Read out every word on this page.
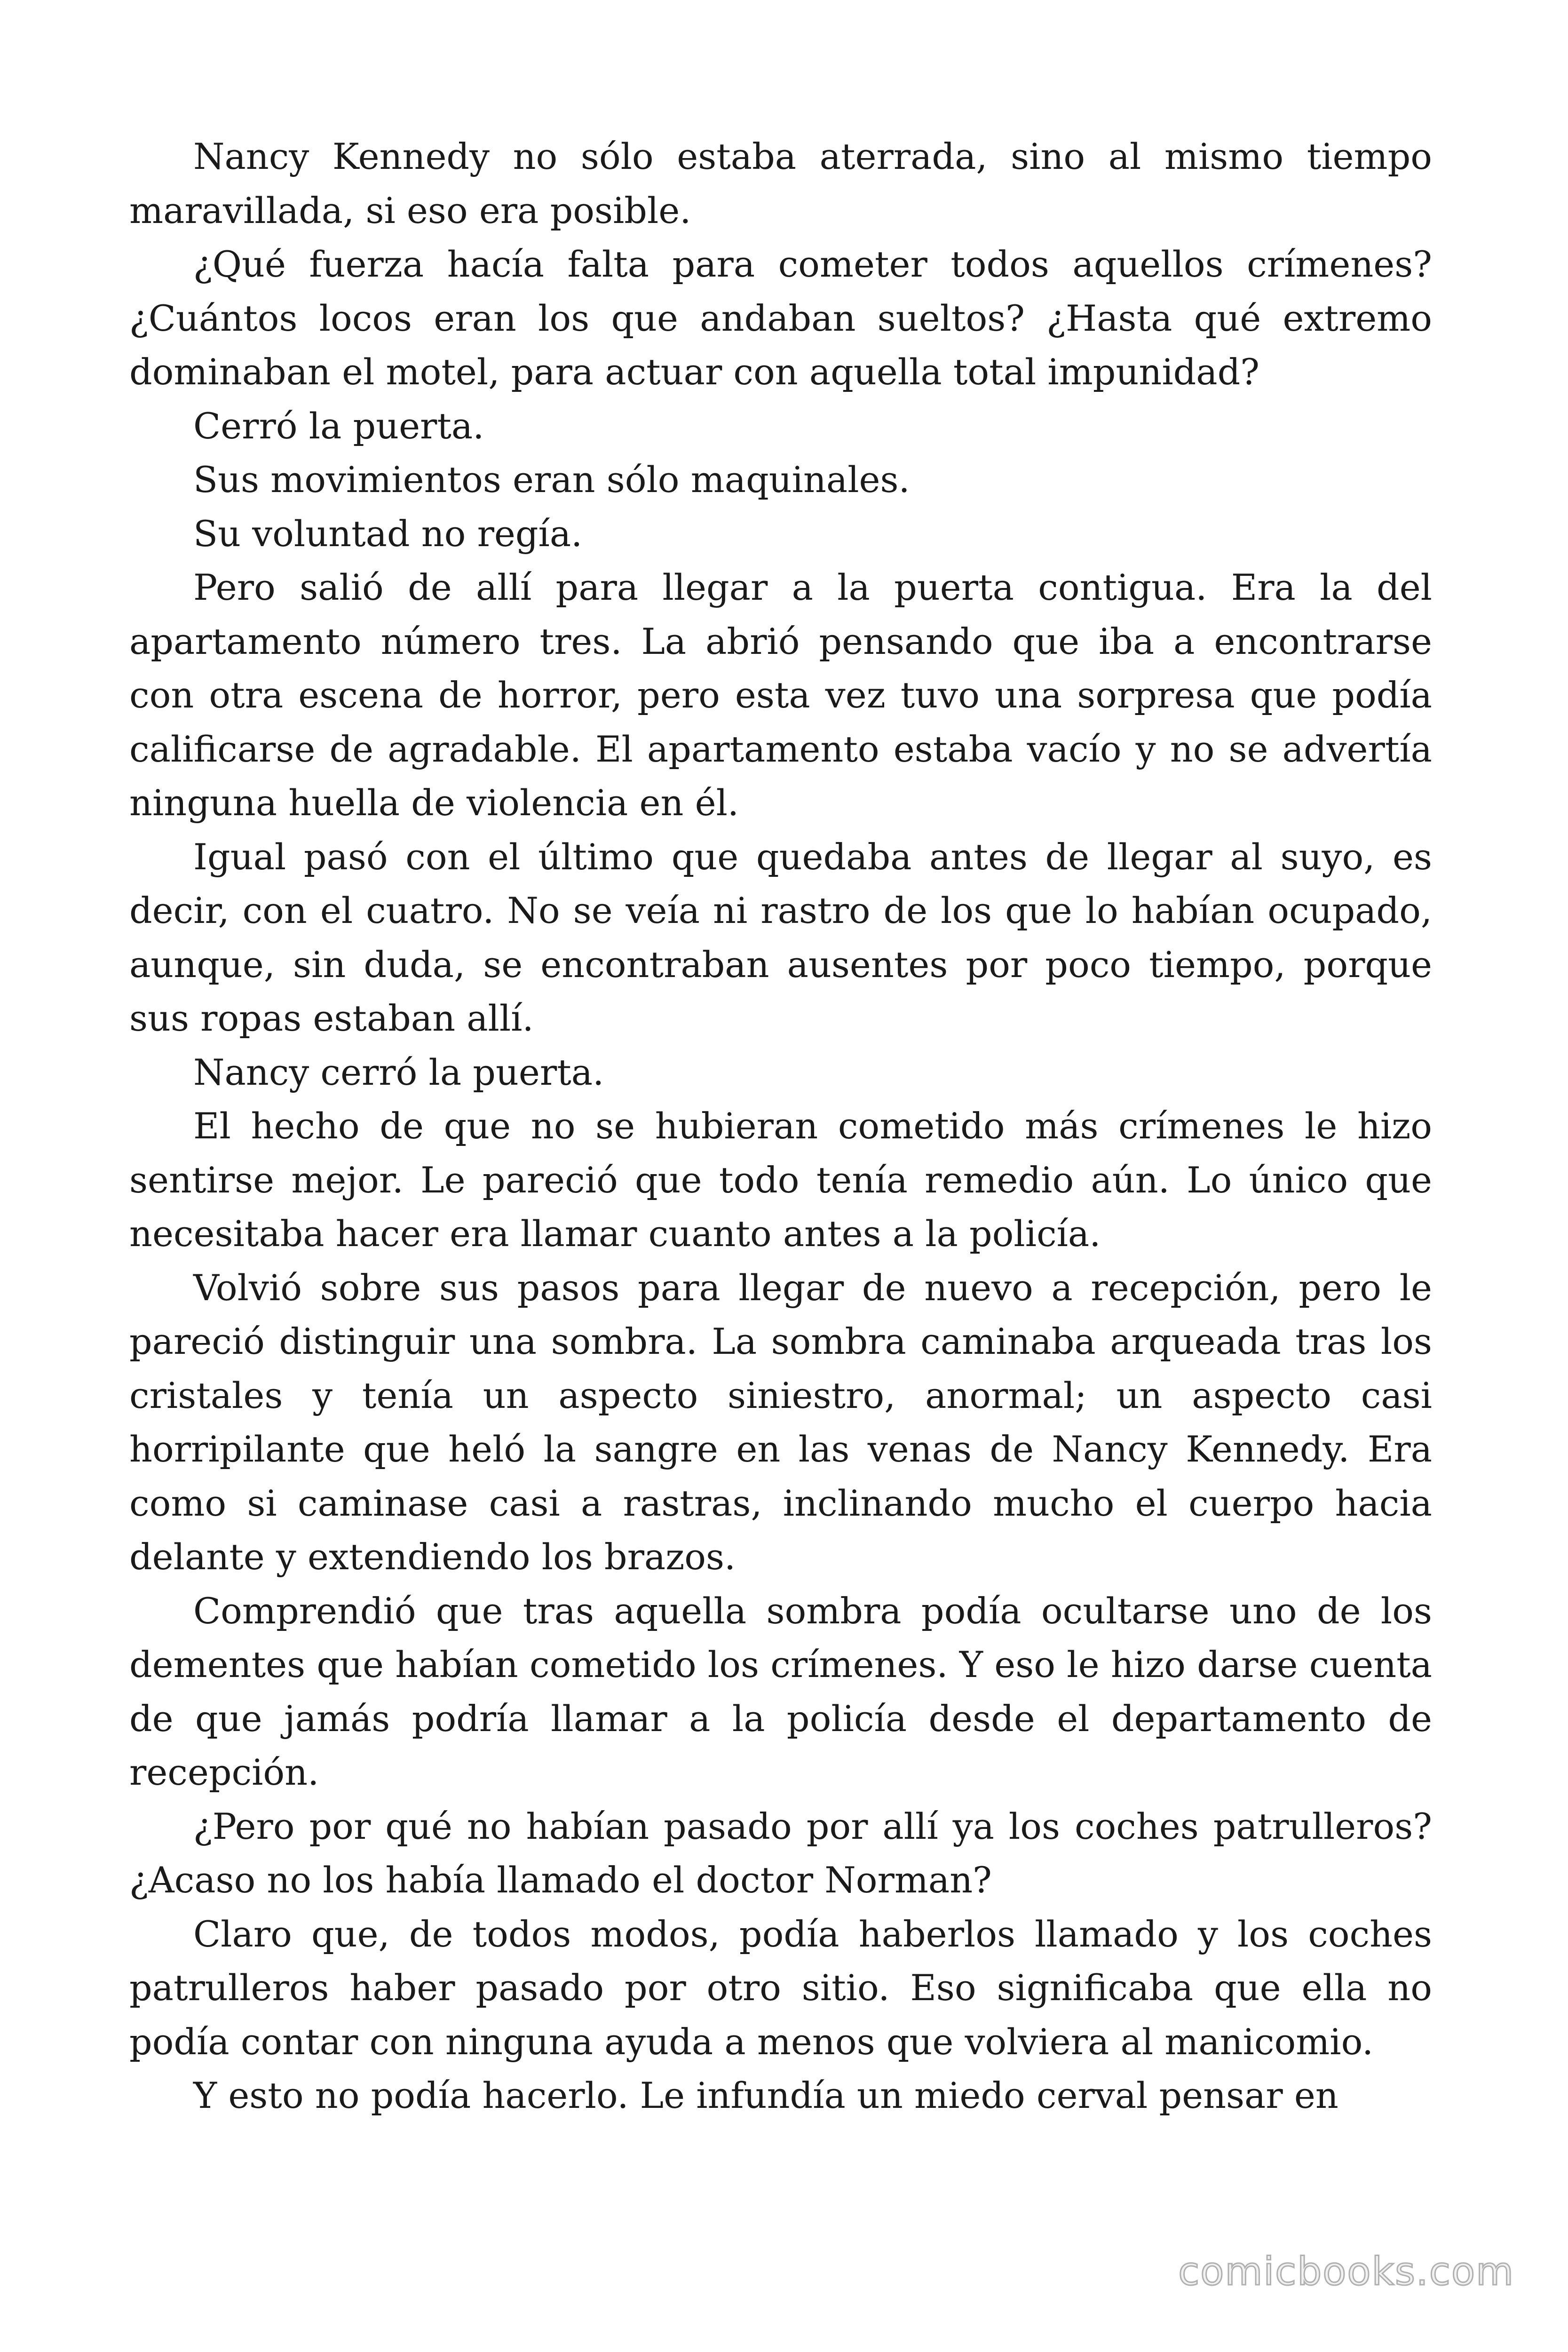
Nancy Kennedy no sólo estaba aterrada, sino al mismo tiempo maravillada, si eso era posible.

¿Qué fuerza hacía falta para cometer todos aquellos crímenes? ¿Cuántos locos eran los que andaban sueltos? ¿Hasta qué extremo dominaban el motel, para actuar con aquella total impunidad?

Cerró la puerta.

Sus movimientos eran sólo maquinales.

Su voluntad no regía.

Pero salió de allí para llegar a la puerta contigua. Era la del apartamento número tres. La abrió pensando que iba a encontrarse con otra escena de horror, pero esta vez tuvo una sorpresa que podía calificarse de agradable. El apartamento estaba vacío y no se advertía ninguna huella de violencia en él.

Igual pasó con el último que quedaba antes de llegar al suyo, es decir, con el cuatro. No se veía ni rastro de los que lo habían ocupado, aunque, sin duda, se encontraban ausentes por poco tiempo, porque sus ropas estaban allí.

Nancy cerró la puerta.

El hecho de que no se hubieran cometido más crímenes le hizo sentirse mejor. Le pareció que todo tenía remedio aún. Lo único que necesitaba hacer era llamar cuanto antes a la policía.

Volvió sobre sus pasos para llegar de nuevo a recepción, pero le pareció distinguir una sombra. La sombra caminaba arqueada tras los cristales y tenía un aspecto siniestro, anormal; un aspecto casi horripilante que heló la sangre en las venas de Nancy Kennedy. Era como si caminase casi a rastras, inclinando mucho el cuerpo hacia delante y extendiendo los brazos.

Comprendió que tras aquella sombra podía ocultarse uno de los dementes que habían cometido los crímenes. Y eso le hizo darse cuenta de que jamás podría llamar a la policía desde el departamento de recepción.

¿Pero por qué no habían pasado por allí ya los coches patrulleros? ¿Acaso no los había llamado el doctor Norman?

Claro que, de todos modos, podía haberlos llamado y los coches patrulleros haber pasado por otro sitio. Eso significaba que ella no podía contar con ninguna ayuda a menos que volviera al manicomio.

Y esto no podía hacerlo. Le infundía un miedo cerval pensar en

comicbooks.com
